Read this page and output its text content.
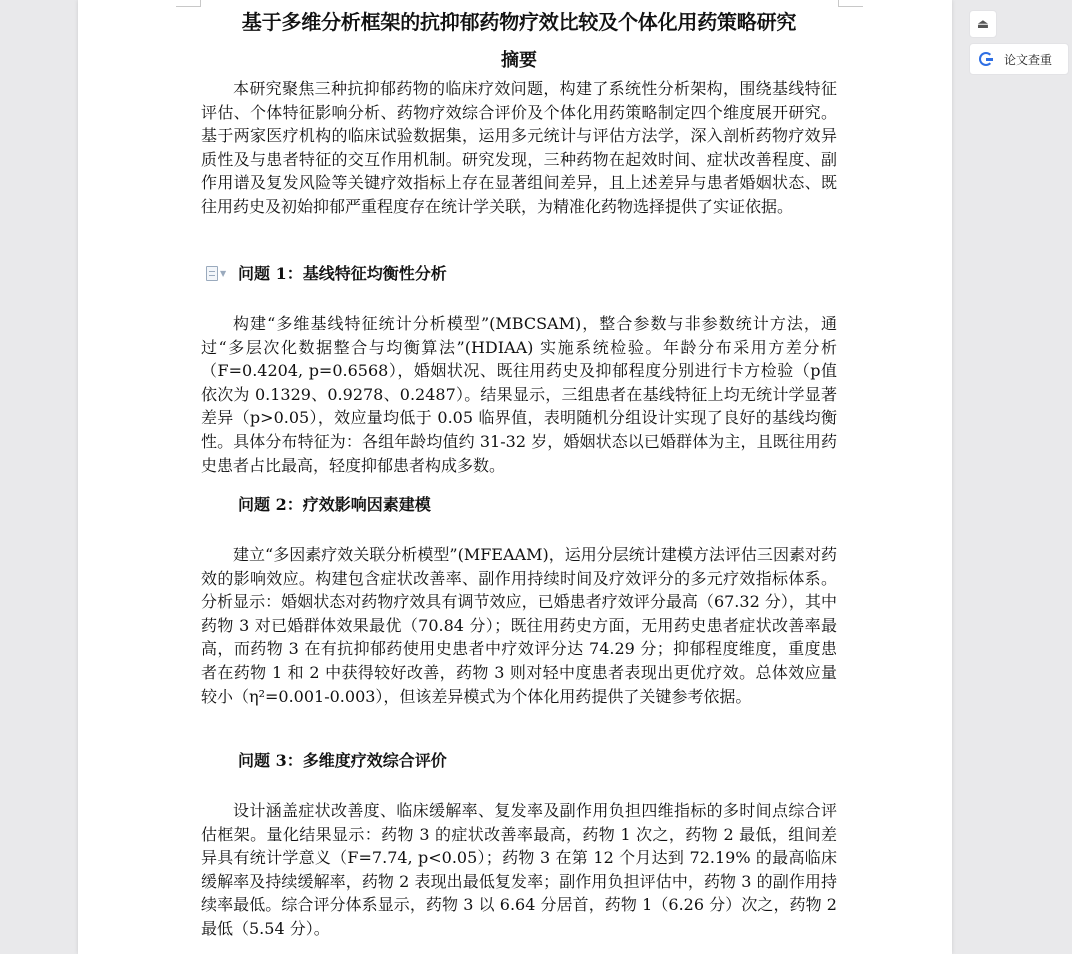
▼
基于多维分析框架的抗抑郁药物疗效比较及个体化用药策略研究
摘要

本研究聚焦三种抗抑郁药物的临床疗效问题，构建了系统性分析架构，围绕基线特征评估、个体特征影响分析、药物疗效综合评价及个体化用药策略制定四个维度展开研究。基于两家医疗机构的临床试验数据集，运用多元统计与评估方法学，深入剖析药物疗效异质性及与患者特征的交互作用机制。研究发现，三种药物在起效时间、症状改善程度、副作用谱及复发风险等关键疗效指标上存在显著组间差异，且上述差异与患者婚姻状态、既往用药史及初始抑郁严重程度存在统计学关联，为精准化药物选择提供了实证依据。

问题 1：基线特征均衡性分析

构建“多维基线特征统计分析模型”(MBCSAM)，整合参数与非参数统计方法，通过“多层次化数据整合与均衡算法”(HDIAA) 实施系统检验。年龄分布采用方差分析（F=0.4204, p=0.6568），婚姻状况、既往用药史及抑郁程度分别进行卡方检验（p值依次为 0.1329、0.9278、0.2487）。结果显示，三组患者在基线特征上均无统计学显著差异（p>0.05），效应量均低于 0.05 临界值，表明随机分组设计实现了良好的基线均衡性。具体分布特征为：各组年龄均值约 31-32 岁，婚姻状态以已婚群体为主，且既往用药史患者占比最高，轻度抑郁患者构成多数。

问题 2：疗效影响因素建模

建立“多因素疗效关联分析模型”(MFEAAM)，运用分层统计建模方法评估三因素对药效的影响效应。构建包含症状改善率、副作用持续时间及疗效评分的多元疗效指标体系。分析显示：婚姻状态对药物疗效具有调节效应，已婚患者疗效评分最高（67.32 分），其中药物 3 对已婚群体效果最优（70.84 分）；既往用药史方面，无用药史患者症状改善率最高，而药物 3 在有抗抑郁药使用史患者中疗效评分达 74.29 分；抑郁程度维度，重度患者在药物 1 和 2 中获得较好改善，药物 3 则对轻中度患者表现出更优疗效。总体效应量较小（η²=0.001-0.003），但该差异模式为个体化用药提供了关键参考依据。

问题 3：多维度疗效综合评价

设计涵盖症状改善度、临床缓解率、复发率及副作用负担四维指标的多时间点综合评估框架。量化结果显示：药物 3 的症状改善率最高，药物 1 次之，药物 2 最低，组间差异具有统计学意义（F=7.74, p<0.05）；药物 3 在第 12 个月达到 72.19% 的最高临床缓解率及持续缓解率，药物 2 表现出最低复发率；副作用负担评估中，药物 3 的副作用持续率最低。综合评分体系显示，药物 3 以 6.64 分居首，药物 1（6.26 分）次之，药物 2 最低（5.54 分）。

⏏
论文查重
